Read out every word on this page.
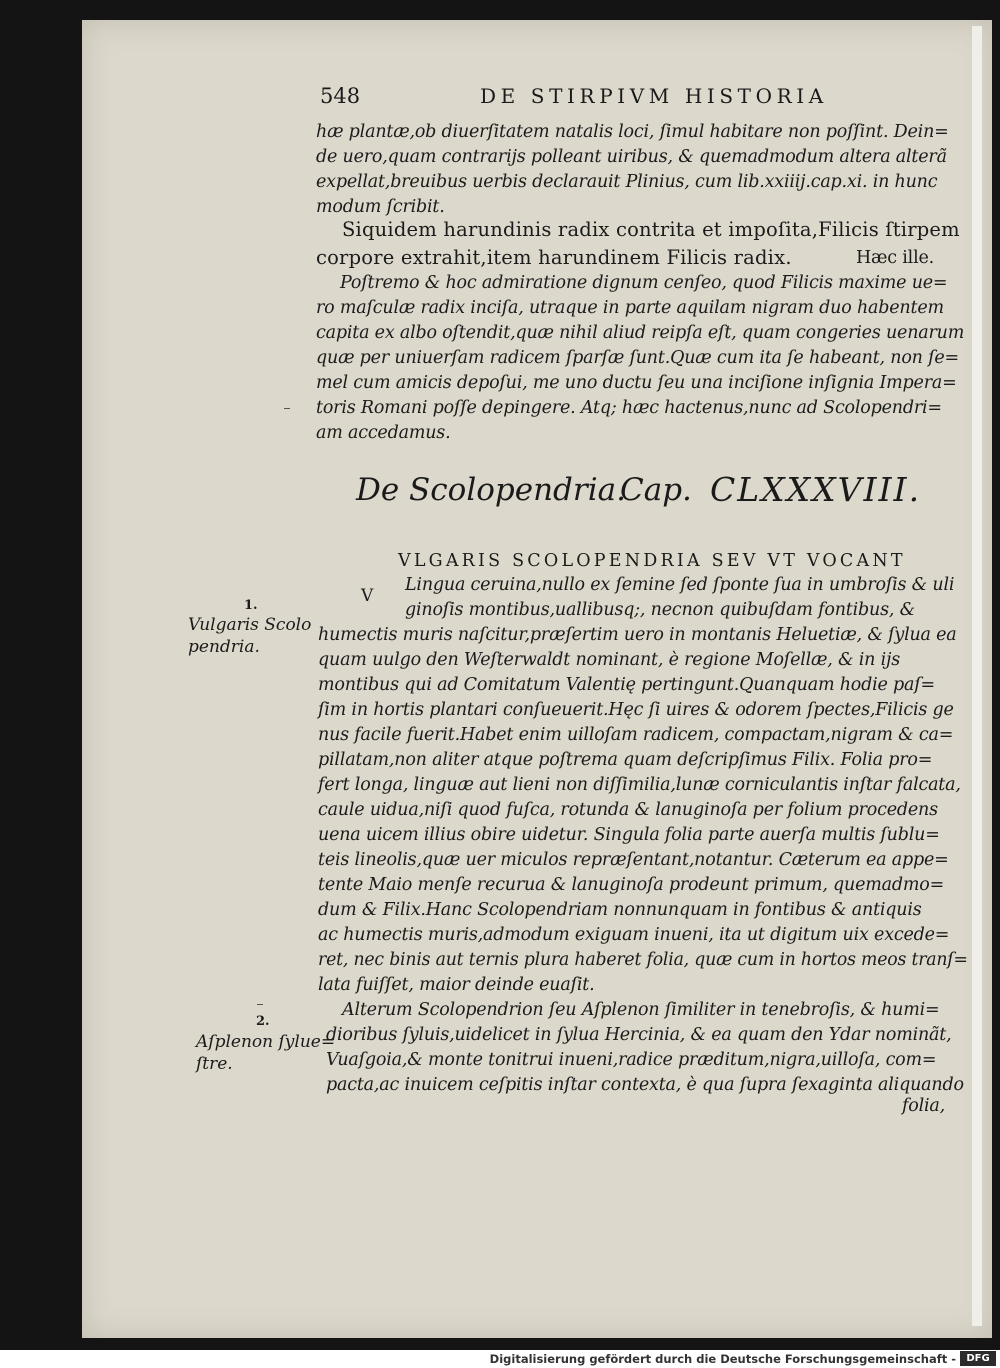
548	DE STIRPIVM HISTORIA
hæ plantæ,ob diuerſitatem natalis loci, ſimul habitare non poſſint. Dein=
de uero,quam contrarijs polleant uiribus, & quemadmodum altera alterã
expellat,breuibus uerbis declarauit Plinius, cum lib.xxiiij.cap.xi. in hunc
modum ſcribit.
Siquidem harundinis radix contrita et impoſita,Filicis ſtirpem
corpore extrahit,item harundinem Filicis radix.	Hæc ille.
Poſtremo & hoc admiratione dignum cenſeo, quod Filicis maxime ue=
ro maſculæ radix inciſa, utraque in parte aquilam nigram duo habentem
capita ex albo oſtendit,quæ nihil aliud reipſa eſt, quam congeries uenarum
quæ per uniuerſam radicem ſparſæ ſunt.Quæ cum ita ſe habeant, non ſe=
mel cum amicis depoſui, me uno ductu ſeu una inciſione inſignia Impera=
toris Romani poſſe depingere. Atq; hæc hactenus,nunc ad Scolopendri=
am accedamus.
De Scolopendria.
Cap. CLXXXVIII.
VLGARIS SCOLOPENDRIA SEV VT VOCANT
V
Lingua ceruina,nullo ex ſemine ſed ſponte ſua in umbroſis & uli
ginoſis montibus,uallibusq;, necnon quibuſdam fontibus, &
humectis muris naſcitur,præſertim uero in montanis Heluetiæ, & ſylua ea
quam uulgo den Weſterwaldt nominant, è regione Moſellæ, & in ijs
montibus qui ad Comitatum Valentię pertingunt.Quanquam hodie paſ=
ſim in hortis plantari conſueuerit.Hęc ſi uires & odorem ſpectes,Filicis ge
nus facile fuerit.Habet enim uilloſam radicem, compactam,nigram & ca=
pillatam,non aliter atque poſtrema quam deſcripſimus Filix. Folia pro=
fert longa, linguæ aut lieni non diſſimilia,lunæ corniculantis inſtar falcata,
caule uidua,niſi quod fuſca, rotunda & lanuginoſa per folium procedens
uena uicem illius obire uidetur. Singula folia parte auerſa multis ſublu=
teis lineolis,quæ uer miculos repræſentant,notantur. Cæterum ea appe=
tente Maio menſe recurua & lanuginoſa prodeunt primum, quemadmo=
dum & Filix.Hanc Scolopendriam nonnunquam in fontibus & antiquis
ac humectis muris,admodum exiguam inueni, ita ut digitum uix excede=
ret, nec binis aut ternis plura haberet folia, quæ cum in hortos meos tranſ=
lata fuiſſet, maior deinde euaſit.
Alterum Scolopendrion ſeu Aſplenon ſimiliter in tenebroſis, & humi=
dioribus ſyluis,uidelicet in ſylua Hercinia, & ea quam den Ydar nominãt,
Vuaſgoia,& monte tonitrui inueni,radice præditum,nigra,uilloſa, com=
pacta,ac inuicem ceſpitis inſtar contexta, è qua ſupra ſexaginta aliquando
folia,
1.
Vulgaris Scolo
pendria.
2.
Aſplenon ſylue=
ſtre.
Digitalisierung gefördert durch die Deutsche Forschungsgemeinschaft -	DFG
